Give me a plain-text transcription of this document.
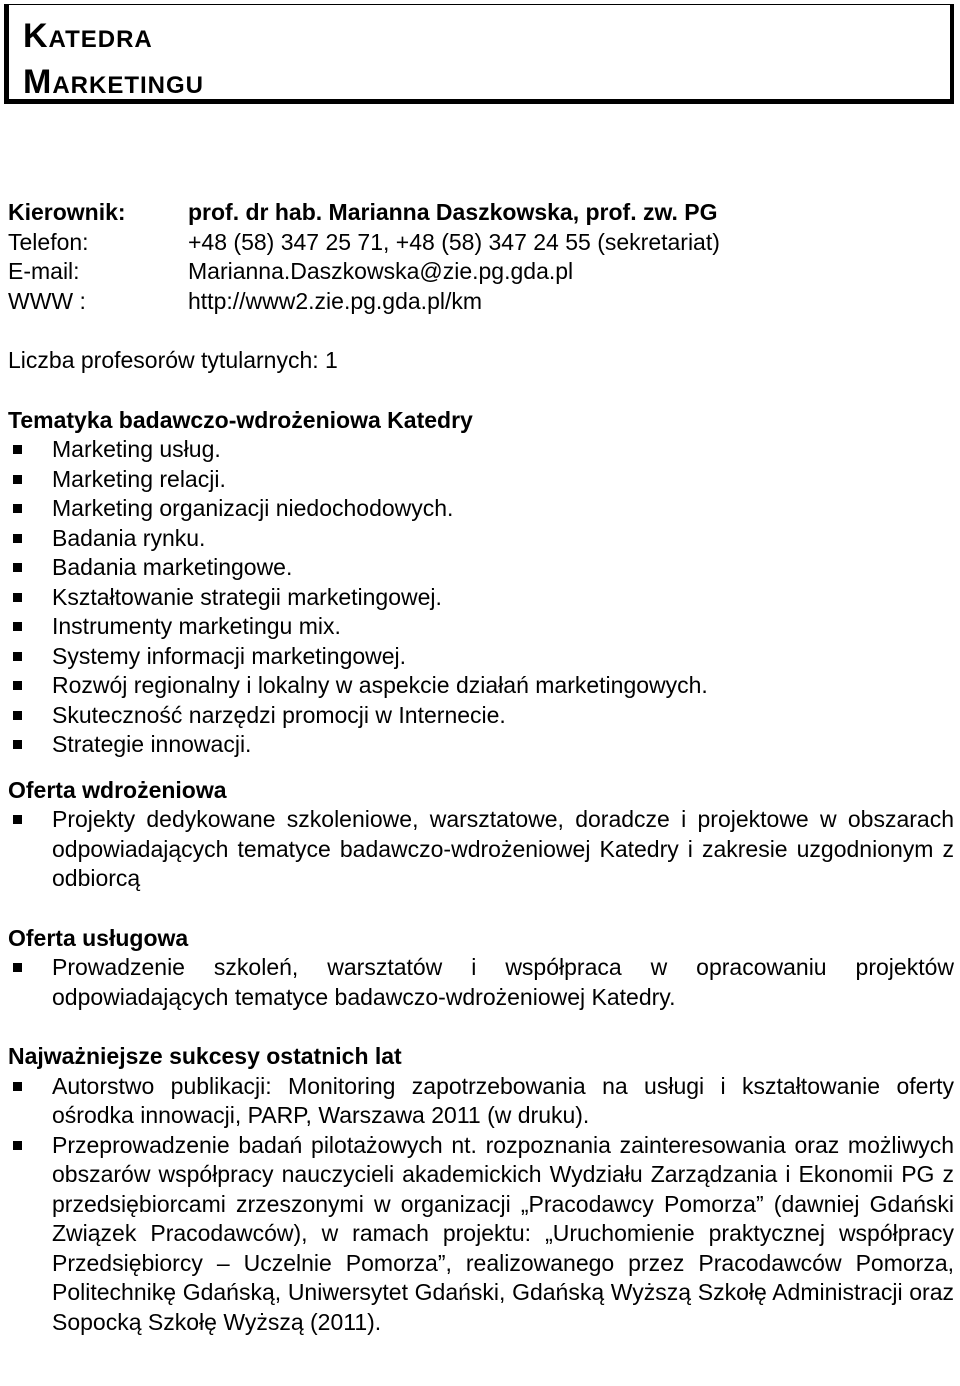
Katedra
Marketingu
Kierownik:	prof. dr hab. Marianna Daszkowska, prof. zw. PG
Telefon:	+48 (58) 347 25 71, +48 (58) 347 24 55 (sekretariat)
E-mail:	Marianna.Daszkowska@zie.pg.gda.pl
WWW :	http://www2.zie.pg.gda.pl/km
Liczba profesorów tytularnych: 1
Tematyka badawczo-wdrożeniowa Katedry
Marketing usług.
Marketing relacji.
Marketing organizacji niedochodowych.
Badania rynku.
Badania marketingowe.
Kształtowanie strategii marketingowej.
Instrumenty marketingu mix.
Systemy informacji marketingowej.
Rozwój regionalny i lokalny w aspekcie działań marketingowych.
Skuteczność narzędzi promocji w Internecie.
Strategie innowacji.
Oferta wdrożeniowa
Projekty dedykowane szkoleniowe, warsztatowe, doradcze i projektowe w obszarach odpowiadających tematyce badawczo-wdrożeniowej Katedry i zakresie uzgodnionym z odbiorcą
Oferta usługowa
Prowadzenie szkoleń, warsztatów i współpraca w opracowaniu projektów odpowiadających tematyce badawczo-wdrożeniowej Katedry.
Najważniejsze sukcesy ostatnich lat
Autorstwo publikacji: Monitoring zapotrzebowania na usługi i kształtowanie oferty ośrodka innowacji, PARP, Warszawa 2011 (w druku).
Przeprowadzenie badań pilotażowych nt. rozpoznania zainteresowania oraz możliwych obszarów współpracy nauczycieli akademickich Wydziału Zarządzania i Ekonomii PG z przedsiębiorcami zrzeszonymi w organizacji „Pracodawcy Pomorza” (dawniej Gdański Związek Pracodawców), w ramach projektu: „Uruchomienie praktycznej współpracy Przedsiębiorcy – Uczelnie Pomorza”, realizowanego przez Pracodawców Pomorza, Politechnikę Gdańską, Uniwersytet Gdański, Gdańską Wyższą Szkołę Administracji oraz Sopocką Szkołę Wyższą (2011).
